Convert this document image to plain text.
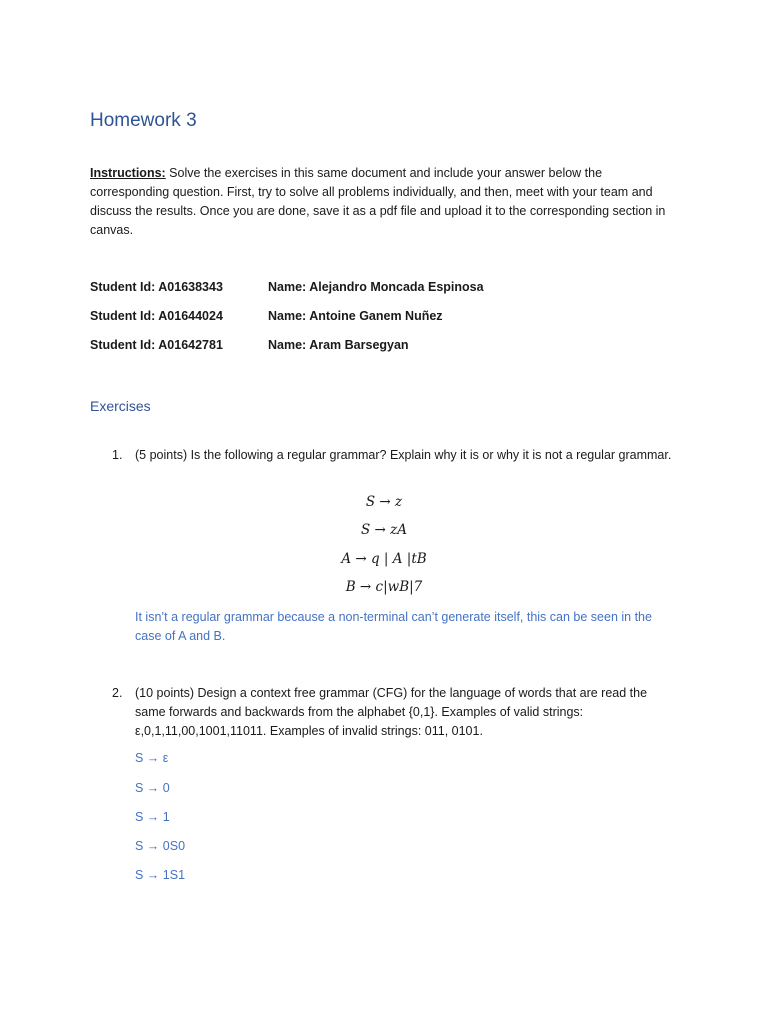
Homework 3
Instructions: Solve the exercises in this same document and include your answer below the corresponding question. First, try to solve all problems individually, and then, meet with your team and discuss the results. Once you are done, save it as a pdf file and upload it to the corresponding section in canvas.
Student Id: A01638343	Name: Alejandro Moncada Espinosa
Student Id: A01644024	Name: Antoine Ganem Nuñez
Student Id: A01642781	Name: Aram Barsegyan
Exercises
1. (5 points) Is the following a regular grammar? Explain why it is or why it is not a regular grammar.
S → z
S → zA
A → q | A |tB
B → c|wB|7
It isn’t a regular grammar because a non-terminal can’t generate itself, this can be seen in the case of A and B.
2. (10 points) Design a context free grammar (CFG) for the language of words that are read the same forwards and backwards from the alphabet {0,1}. Examples of valid strings: ε,0,1,11,00,1001,11011. Examples of invalid strings: 011, 0101.
S → ε
S → 0
S → 1
S → 0S0
S → 1S1
